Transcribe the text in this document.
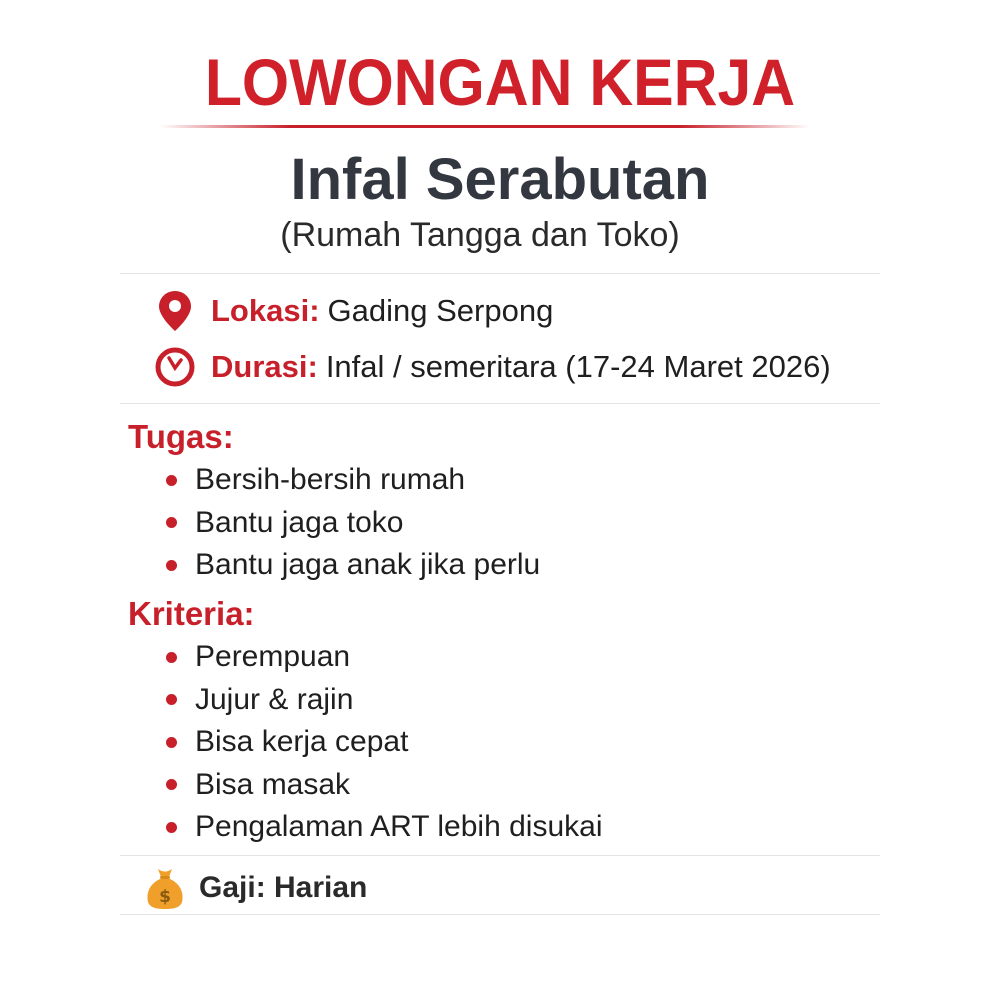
LOWONGAN KERJA
Infal Serabutan
(Rumah Tangga dan Toko)
Lokasi: Gading Serpong
Durasi: Infal / semeritara (17-24 Maret 2026)
Tugas:
Bersih-bersih rumah
Bantu jaga toko
Bantu jaga anak jika perlu
Kriteria:
Perempuan
Jujur & rajin
Bisa kerja cepat
Bisa masak
Pengalaman ART lebih disukai
$ Gaji: Harian
